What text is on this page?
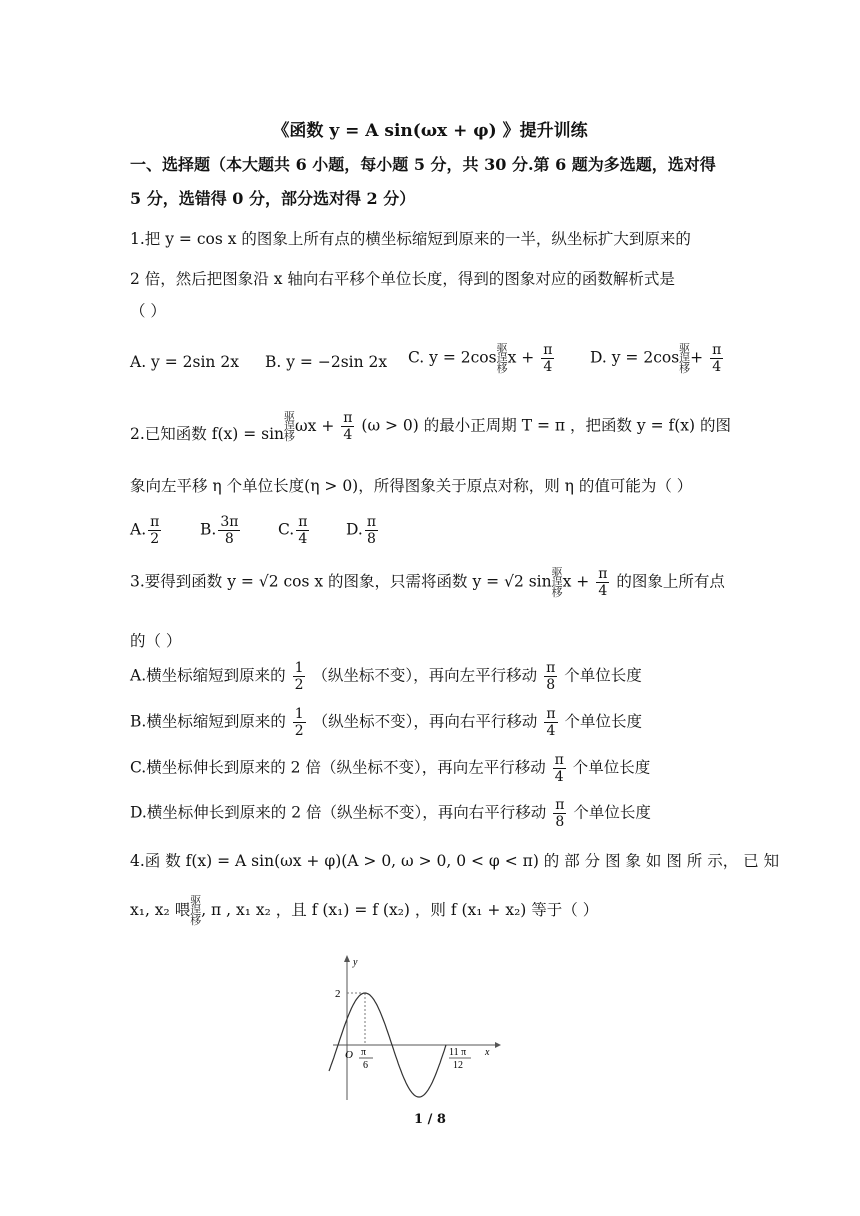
《函数 y = A sin(ωx + φ) 》提升训练
一、选择题（本大题共 6 小题，每小题 5 分，共 30 分.第 6 题为多选题，选对得
5 分，选错得 0 分，部分选对得 2 分）
1.把 y = cos x 的图象上所有点的横坐标缩短到原来的一半，纵坐标扩大到原来的
2 倍，然后把图象沿 x 轴向右平移个单位长度，得到的图象对应的函数解析式是
（ ）
A. y = 2sin 2x B. y = −2sin 2x C. y = 2cos驱
逞
栘$x + \frac{\pi}{4} D$. y = 2cos驱
逞
栘+ $\frac{\pi}{4}$
2.已知函数 f(x) = sin驱
逞
栘$\omega x + \frac{\pi}{4} (\omega > 0)$ 的最小正周期 T = π ，把函数 y = f(x) 的图
象向左平移 η 个单位长度(η > 0)，所得图象关于原点对称，则 η 的值可能为（ ）
A. $\frac{\pi}{2} B$. $\frac{3\pi}{8} C$. $\frac{\pi}{4} D$. $\frac{\pi}{8}$
3.要得到函数 y = √2 cos x 的图象，只需将函数 y = √2 sin驱
逞
栘$x + \frac{\pi}{4}$ 的图象上所有点
的（ ）
A.横坐标缩短到原来的 $\frac{1}{2}$ （纵坐标不变），再向左平行移动 $\frac{\pi}{8}$ 个单位长度
B.横坐标缩短到原来的 $\frac{1}{2}$ （纵坐标不变），再向右平行移动 $\frac{\pi}{4}$ 个单位长度
C.横坐标伸长到原来的 2 倍（纵坐标不变），再向左平行移动 $\frac{\pi}{4}$ 个单位长度
D.横坐标伸长到原来的 2 倍（纵坐标不变），再向右平行移动 $\frac{\pi}{8}$ 个单位长度
4.函 数 f(x) = A sin(ωx + φ)(A > 0, ω > 0, 0 < φ < π) 的 部 分 图 象 如 图 所 示， 已 知
x₁, x₂ 喂驱
逞
栘, π , x₁ x₂ ，且 f (x₁) = f (x₂) ，则 f (x₁ + x₂) 等于（ ）
y
x
2
O π
6
11 π
12
1 / 8
